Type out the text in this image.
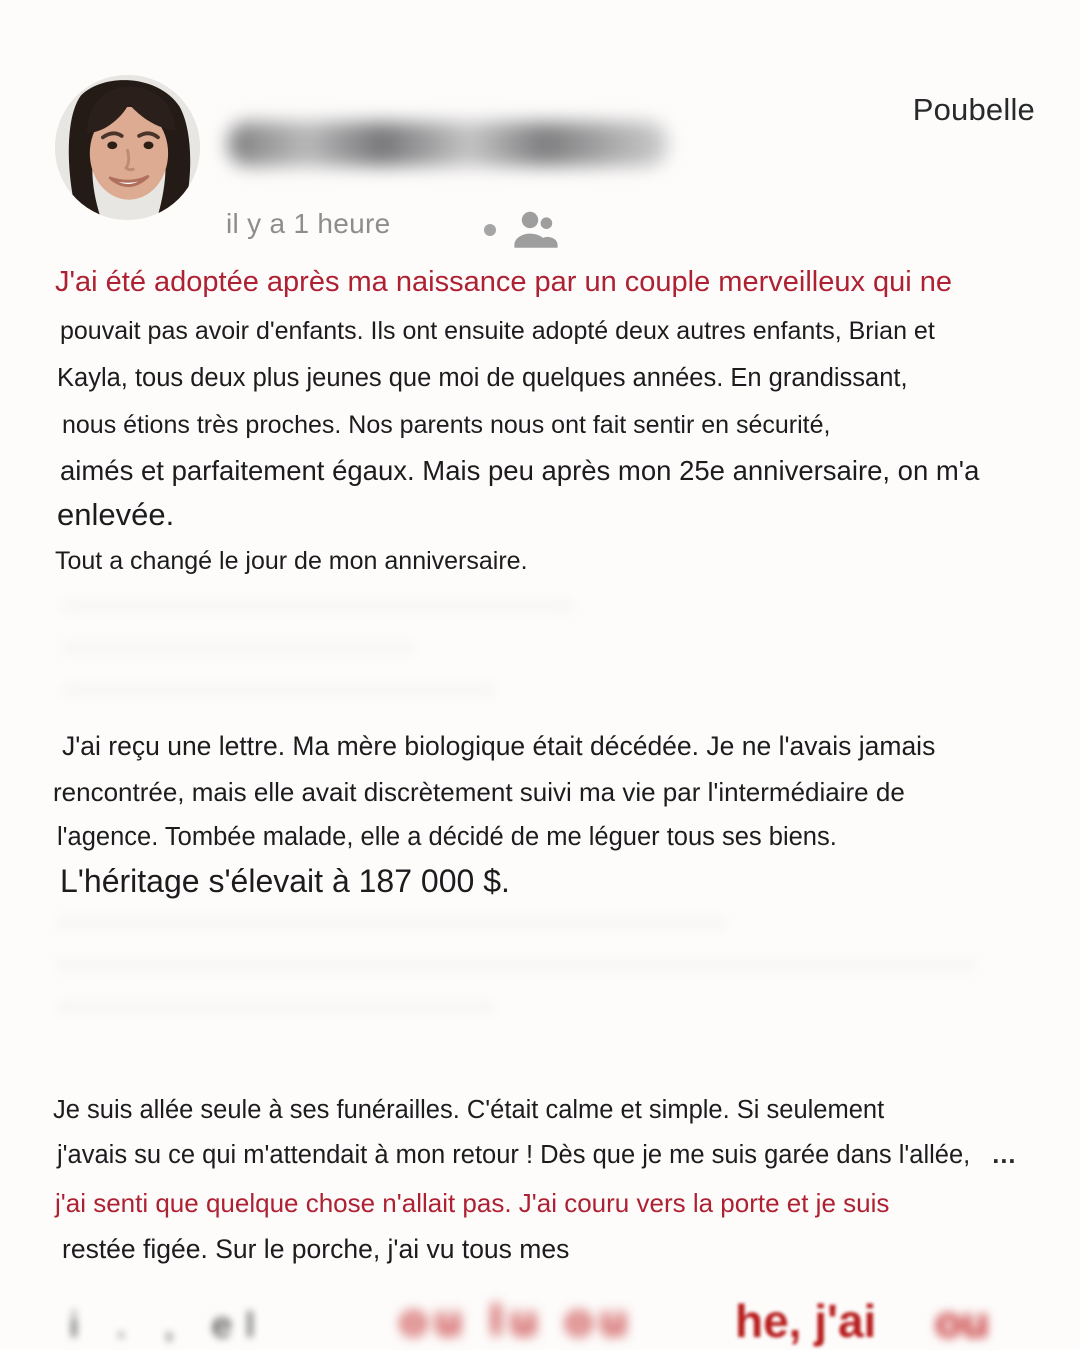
il y a 1 heure
Poubelle
J'ai été adoptée après ma naissance par un couple merveilleux qui ne
pouvait pas avoir d'enfants. Ils ont ensuite adopté deux autres enfants, Brian et
Kayla, tous deux plus jeunes que moi de quelques années. En grandissant,
nous étions très proches. Nos parents nous ont fait sentir en sécurité,
aimés et parfaitement égaux. Mais peu après mon 25e anniversaire, on m'a
enlevée.
Tout a changé le jour de mon anniversaire.
J'ai reçu une lettre. Ma mère biologique était décédée. Je ne l'avais jamais
rencontrée, mais elle avait discrètement suivi ma vie par l'intermédiaire de
l'agence. Tombée malade, elle a décidé de me léguer tous ses biens.
L'héritage s'élevait à 187 000 $.
Je suis allée seule à ses funérailles. C'était calme et simple. Si seulement
j'avais su ce qui m'attendait à mon retour ! Dès que je me suis garée dans l'allée, ...
j'ai senti que quelque chose n'allait pas. J'ai couru vers la porte et je suis
restée figée. Sur le porche, j'ai vu tous mes
i . , el	ou lu ou he, j'ai ou
